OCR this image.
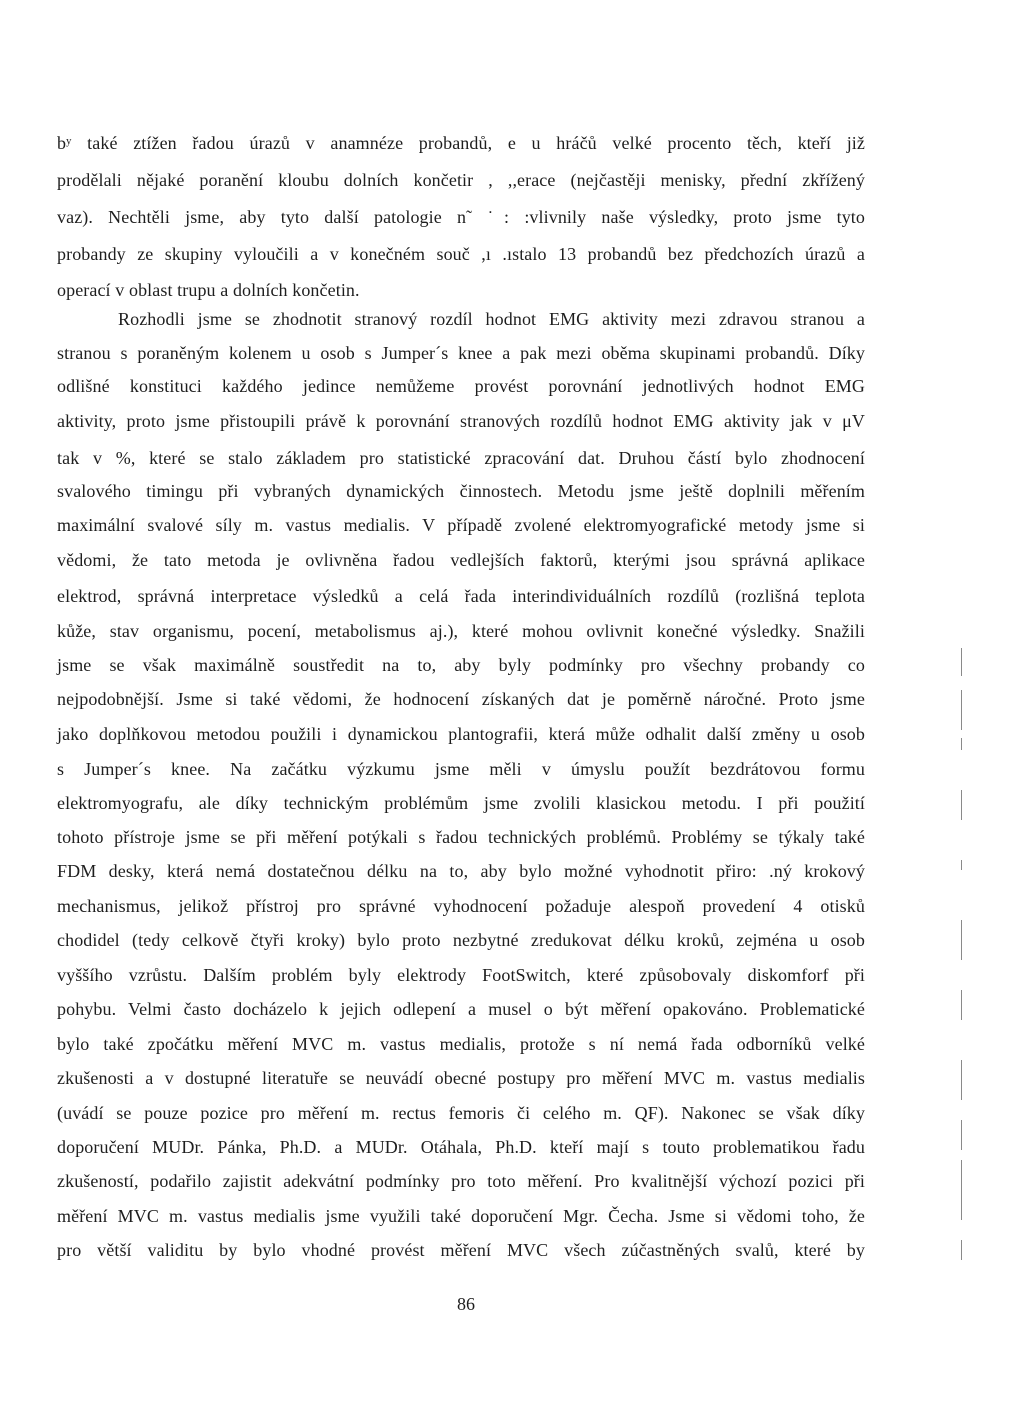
bʸ také ztížen řadou úrazů v anamnéze probandů, e u hráčů velké procento těch, kteří již
prodělali nějaké poranění kloubu dolních končetir , ,,erace (nejčastěji menisky, přední zkřížený
vaz). Nechtěli jsme, aby tyto další patologie n˜ ˙: :vlivnily naše výsledky, proto jsme tyto
probandy ze skupiny vyloučili a v konečném souč ,ı .ıstalo 13 probandů bez předchozích úrazů a
operací v oblast trupu a dolních končetin.
Rozhodli jsme se zhodnotit stranový rozdíl hodnot EMG aktivity mezi zdravou stranou a
stranou s poraněným kolenem u osob s Jumper´s knee a pak mezi oběma skupinami probandů. Díky
odlišné konstituci každého jedince nemůžeme provést porovnání jednotlivých hodnot EMG
aktivity, proto jsme přistoupili právě k porovnání stranových rozdílů hodnot EMG aktivity jak v μV
tak v %, které se stalo základem pro statistické zpracování dat. Druhou částí bylo zhodnocení
svalového timingu při vybraných dynamických činnostech. Metodu jsme ještě doplnili měřením
maximální svalové síly m. vastus medialis. V případě zvolené elektromyografické metody jsme si
vědomi, že tato metoda je ovlivněna řadou vedlejších faktorů, kterými jsou správná aplikace
elektrod, správná interpretace výsledků a celá řada interindividuálních rozdílů (rozlišná teplota
kůže, stav organismu, pocení, metabolismus aj.), které mohou ovlivnit konečné výsledky. Snažili
jsme se však maximálně soustředit na to, aby byly podmínky pro všechny probandy co
nejpodobnější. Jsme si také vědomi, že hodnocení získaných dat je poměrně náročné. Proto jsme
jako doplňkovou metodou použili i dynamickou plantografii, která může odhalit další změny u osob
s Jumper´s knee. Na začátku výzkumu jsme měli v úmyslu použít bezdrátovou formu
elektromyografu, ale díky technickým problémům jsme zvolili klasickou metodu. I při použití
tohoto přístroje jsme se při měření potýkali s řadou technických problémů. Problémy se týkaly také
FDM desky, která nemá dostatečnou délku na to, aby bylo možné vyhodnotit přiro: .ný krokový
mechanismus, jelikož přístroj pro správné vyhodnocení požaduje alespoň provedení 4 otisků
chodidel (tedy celkově čtyři kroky) bylo proto nezbytné zredukovat délku kroků, zejména u osob
vyššího vzrůstu. Dalším problém byly elektrody FootSwitch, které způsobovaly diskomforf při
pohybu. Velmi často docházelo k jejich odlepení a musel o být měření opakováno. Problematické
bylo také zpočátku měření MVC m. vastus medialis, protože s ní nemá řada odborníků velké
zkušenosti a v dostupné literatuře se neuvádí obecné postupy pro měření MVC m. vastus medialis
(uvádí se pouze pozice pro měření m. rectus femoris či celého m. QF). Nakonec se však díky
doporučení MUDr. Pánka, Ph.D. a MUDr. Otáhala, Ph.D. kteří mají s touto problematikou řadu
zkušeností, podařilo zajistit adekvátní podmínky pro toto měření. Pro kvalitnější výchozí pozici při
měření MVC m. vastus medialis jsme využili také doporučení Mgr. Čecha. Jsme si vědomi toho, že
pro větší validitu by bylo vhodné provést měření MVC všech zúčastněných svalů, které by
86
